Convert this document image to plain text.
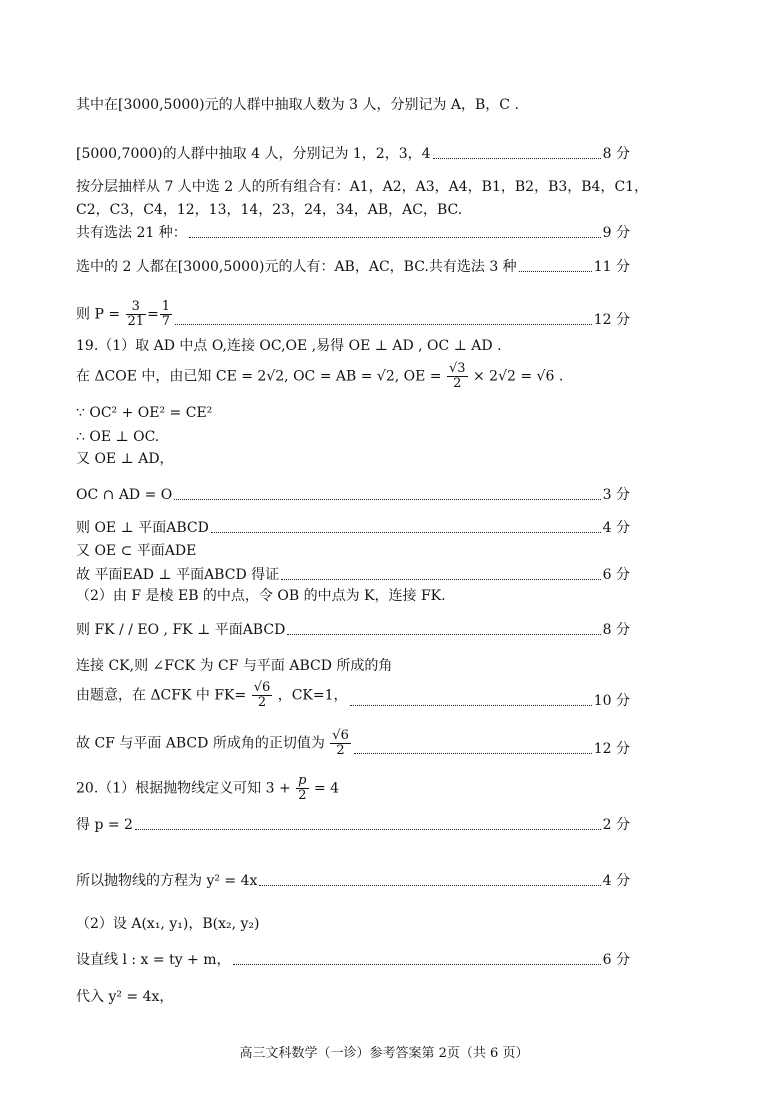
其中在[3000,5000)元的人群中抽取人数为 3 人，分别记为 A，B，C .
[5000,7000)的人群中抽取 4 人，分别记为 1，2，3，4	8 分
按分层抽样从 7 人中选 2 人的所有组合有：A1，A2，A3，A4，B1，B2，B3，B4，C1，
C2，C3，C4，12，13，14，23，24，34，AB，AC，BC.
共有选法 21 种：	9 分
选中的 2 人都在[3000,5000)元的人有：AB，AC，BC.共有选法 3 种	11 分
则 $P = \frac{3}{21} = \frac{1}{7}$	12 分
19.（1）取 AD 中点 O,连接 OC,OE ,易得 OE ⊥ AD , OC ⊥ AD .
在 ΔCOE 中，由已知 CE = 2√2, OC = AB = √2, OE = $\frac{√3}{2} \times 2√2 = √6$ .
∵ OC² + OE² = CE²
∴ OE ⊥ OC.
又 OE ⊥ AD，
OC ∩ AD = O	3 分
则 OE ⊥ 平面ABCD	4 分
又 OE ⊂ 平面ADE
故 平面EAD ⊥ 平面ABCD 得证	6 分
（2）由 F 是棱 EB 的中点，令 OB 的中点为 K，连接 FK.
则 FK / / EO , FK ⊥ 平面ABCD	8 分
连接 CK,则 ∠FCK 为 CF 与平面 ABCD 所成的角
由题意，在 ΔCFK 中 $FK= \frac{√6}{2}$ ，CK=1，	10 分
故 CF 与平面 ABCD 所成角的正切值为 $\frac{√6}{2}$	12 分
20.（1）根据抛物线定义可知 $3 + \frac{p}{2} = 4$
得 p = 2	2 分
所以抛物线的方程为 y² = 4x	4 分
（2）设 A(x₁, y₁)，B(x₂, y₂)
设直线 l : x = ty + m，	6 分
代入 y² = 4x，
高三文科数学（一诊）参考答案第 2页（共 6 页）
